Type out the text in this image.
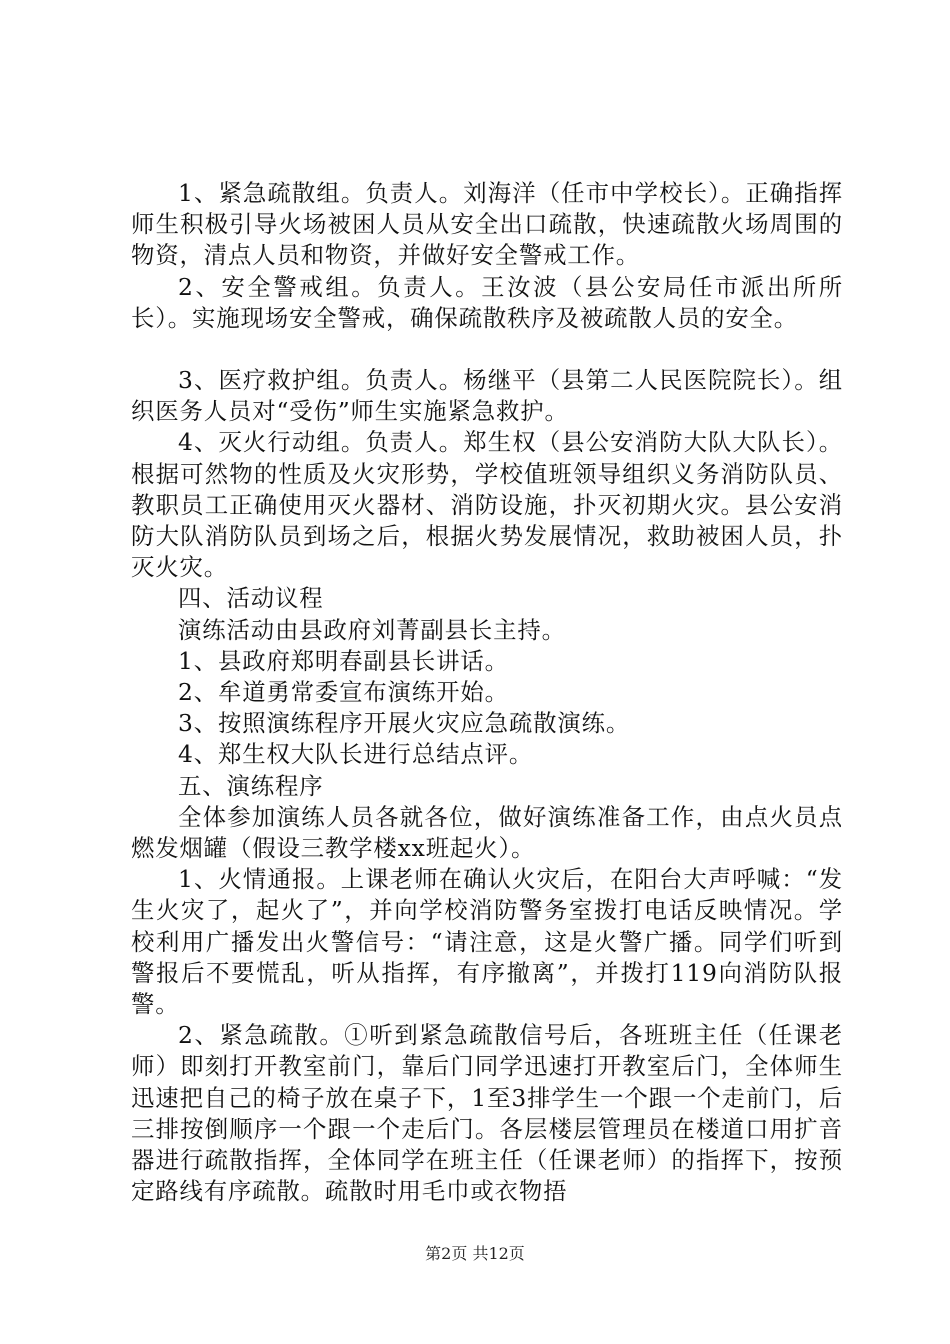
1、紧急疏散组。负责人。刘海洋（任市中学校长）。正确指挥师生积极引导火场被困人员从安全出口疏散，快速疏散火场周围的物资，清点人员和物资，并做好安全警戒工作。

2、安全警戒组。负责人。王汝波（县公安局任市派出所所长）。实施现场安全警戒，确保疏散秩序及被疏散人员的安全。

3、医疗救护组。负责人。杨继平（县第二人民医院院长）。组织医务人员对“受伤”师生实施紧急救护。

4、灭火行动组。负责人。郑生权（县公安消防大队大队长）。根据可然物的性质及火灾形势，学校值班领导组织义务消防队员、教职员工正确使用灭火器材、消防设施，扑灭初期火灾。县公安消防大队消防队员到场之后，根据火势发展情况，救助被困人员，扑灭火灾。

四、活动议程

演练活动由县政府刘菁副县长主持。

1、县政府郑明春副县长讲话。

2、牟道勇常委宣布演练开始。

3、按照演练程序开展火灾应急疏散演练。

4、郑生权大队长进行总结点评。

五、演练程序

全体参加演练人员各就各位，做好演练准备工作，由点火员点燃发烟罐（假设三教学楼xx班起火）。

1、火情通报。上课老师在确认火灾后，在阳台大声呼喊：“发生火灾了，起火了”，并向学校消防警务室拨打电话反映情况。学校利用广播发出火警信号：“请注意，这是火警广播。同学们听到警报后不要慌乱，听从指挥，有序撤离”，并拨打119向消防队报警。

2、紧急疏散。①听到紧急疏散信号后，各班班主任（任课老师）即刻打开教室前门，靠后门同学迅速打开教室后门，全体师生迅速把自己的椅子放在桌子下，1至3排学生一个跟一个走前门，后三排按倒顺序一个跟一个走后门。各层楼层管理员在楼道口用扩音器进行疏散指挥，全体同学在班主任（任课老师）的指挥下，按预定路线有序疏散。疏散时用毛巾或衣物捂

第2页 共12页
